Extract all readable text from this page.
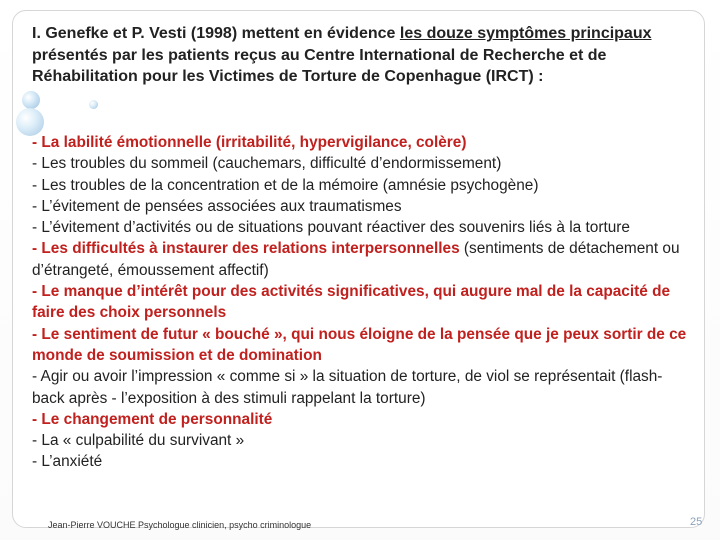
I. Genefke et P. Vesti (1998) mettent en évidence les douze symptômes principaux présentés par les patients reçus au Centre International de Recherche et de Réhabilitation pour les Victimes de Torture de Copenhague (IRCT) :

- La labilité émotionnelle (irritabilité, hypervigilance, colère)

- Les troubles du sommeil (cauchemars, difficulté d’endormissement)

- Les troubles de la concentration et de la mémoire (amnésie psychogène)

- L’évitement de pensées associées aux traumatismes

- L’évitement d’activités ou de situations pouvant réactiver des souvenirs liés à la torture

- Les difficultés à instaurer des relations interpersonnelles (sentiments de détachement ou d’étrangeté, émoussement affectif)

- Le manque d’intérêt pour des activités significatives, qui augure mal de la capacité de faire des choix personnels

- Le sentiment de futur « bouché », qui nous éloigne de la pensée que je peux sortir de ce monde de soumission et de domination

- Agir ou avoir l’impression « comme si » la situation de torture, de viol se représentait (flash-back après - l’exposition à des stimuli rappelant la torture)

- Le changement de personnalité

- La « culpabilité du survivant »

- L’anxiété

Jean-Pierre VOUCHE Psychologue clinicien, psycho criminologue	25
